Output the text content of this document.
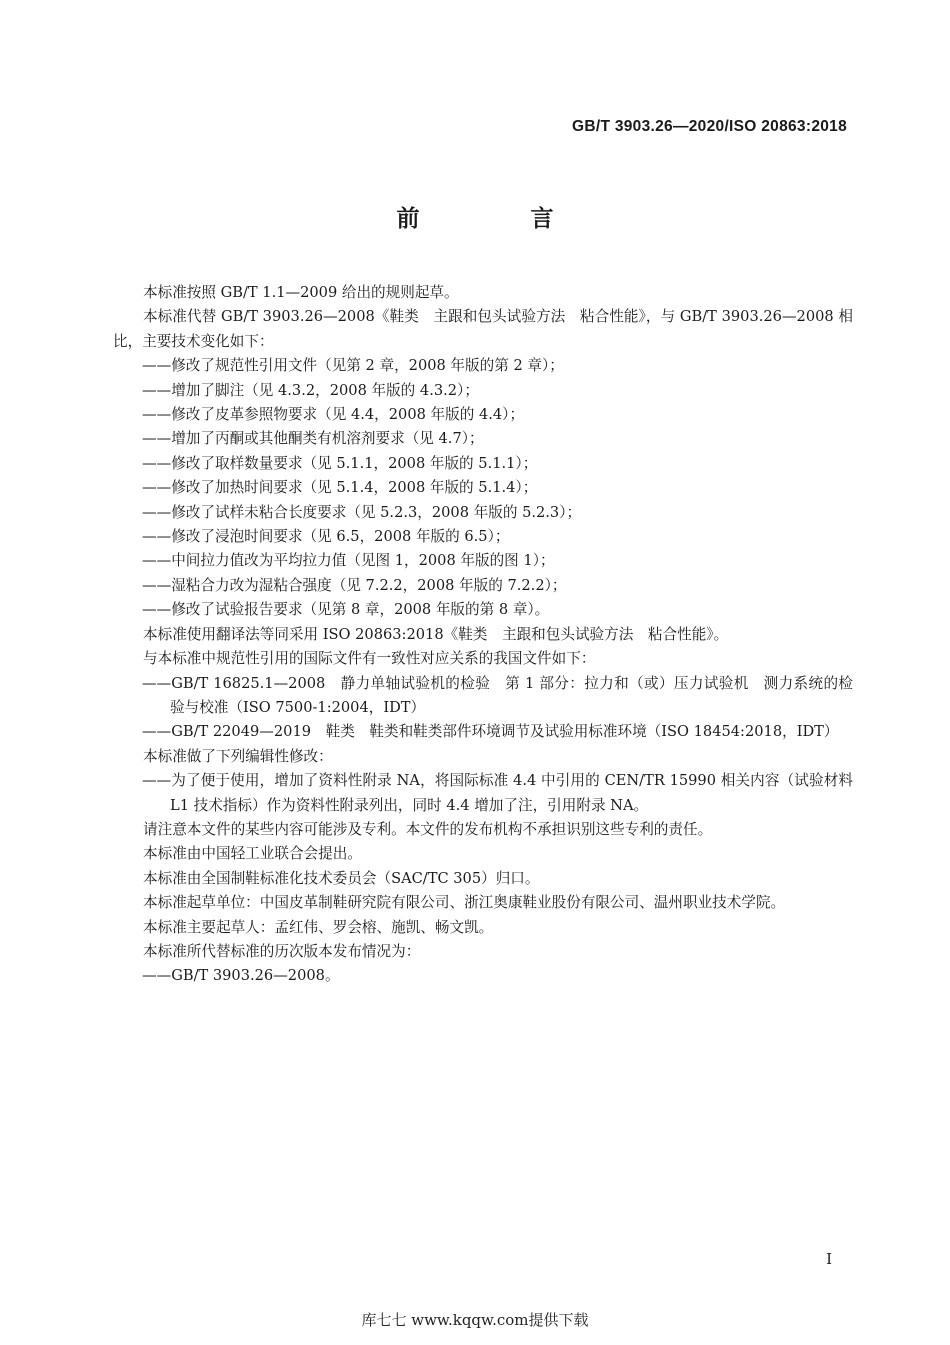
GB/T 3903.26—2020/ISO 20863:2018
前　言

本标准按照 GB/T 1.1—2009 给出的规则起草。

本标准代替 GB/T 3903.26—2008《鞋类　主跟和包头试验方法　粘合性能》，与 GB/T 3903.26—2008 相比，主要技术变化如下：

——修改了规范性引用文件（见第 2 章，2008 年版的第 2 章）；

——增加了脚注（见 4.3.2，2008 年版的 4.3.2）；

——修改了皮革参照物要求（见 4.4，2008 年版的 4.4）；

——增加了丙酮或其他酮类有机溶剂要求（见 4.7）；

——修改了取样数量要求（见 5.1.1，2008 年版的 5.1.1）；

——修改了加热时间要求（见 5.1.4，2008 年版的 5.1.4）；

——修改了试样未粘合长度要求（见 5.2.3，2008 年版的 5.2.3）；

——修改了浸泡时间要求（见 6.5，2008 年版的 6.5）；

——中间拉力值改为平均拉力值（见图 1，2008 年版的图 1）；

——湿粘合力改为湿粘合强度（见 7.2.2，2008 年版的 7.2.2）；

——修改了试验报告要求（见第 8 章，2008 年版的第 8 章）。

本标准使用翻译法等同采用 ISO 20863:2018《鞋类　主跟和包头试验方法　粘合性能》。

与本标准中规范性引用的国际文件有一致性对应关系的我国文件如下：

——GB/T 16825.1—2008　静力单轴试验机的检验　第 1 部分：拉力和（或）压力试验机　测力系统的检验与校准（ISO 7500-1:2004，IDT）

——GB/T 22049—2019　鞋类　鞋类和鞋类部件环境调节及试验用标准环境（ISO 18454:2018，IDT）

本标准做了下列编辑性修改：

——为了便于使用，增加了资料性附录 NA，将国际标准 4.4 中引用的 CEN/TR 15990 相关内容（试验材料 L1 技术指标）作为资料性附录列出，同时 4.4 增加了注，引用附录 NA。

请注意本文件的某些内容可能涉及专利。本文件的发布机构不承担识别这些专利的责任。

本标准由中国轻工业联合会提出。

本标准由全国制鞋标准化技术委员会（SAC/TC 305）归口。

本标准起草单位：中国皮革制鞋研究院有限公司、浙江奥康鞋业股份有限公司、温州职业技术学院。

本标准主要起草人：孟红伟、罗会榕、施凯、畅文凯。

本标准所代替标准的历次版本发布情况为：

——GB/T 3903.26—2008。

I
库七七 www.kqqw.com提供下载
